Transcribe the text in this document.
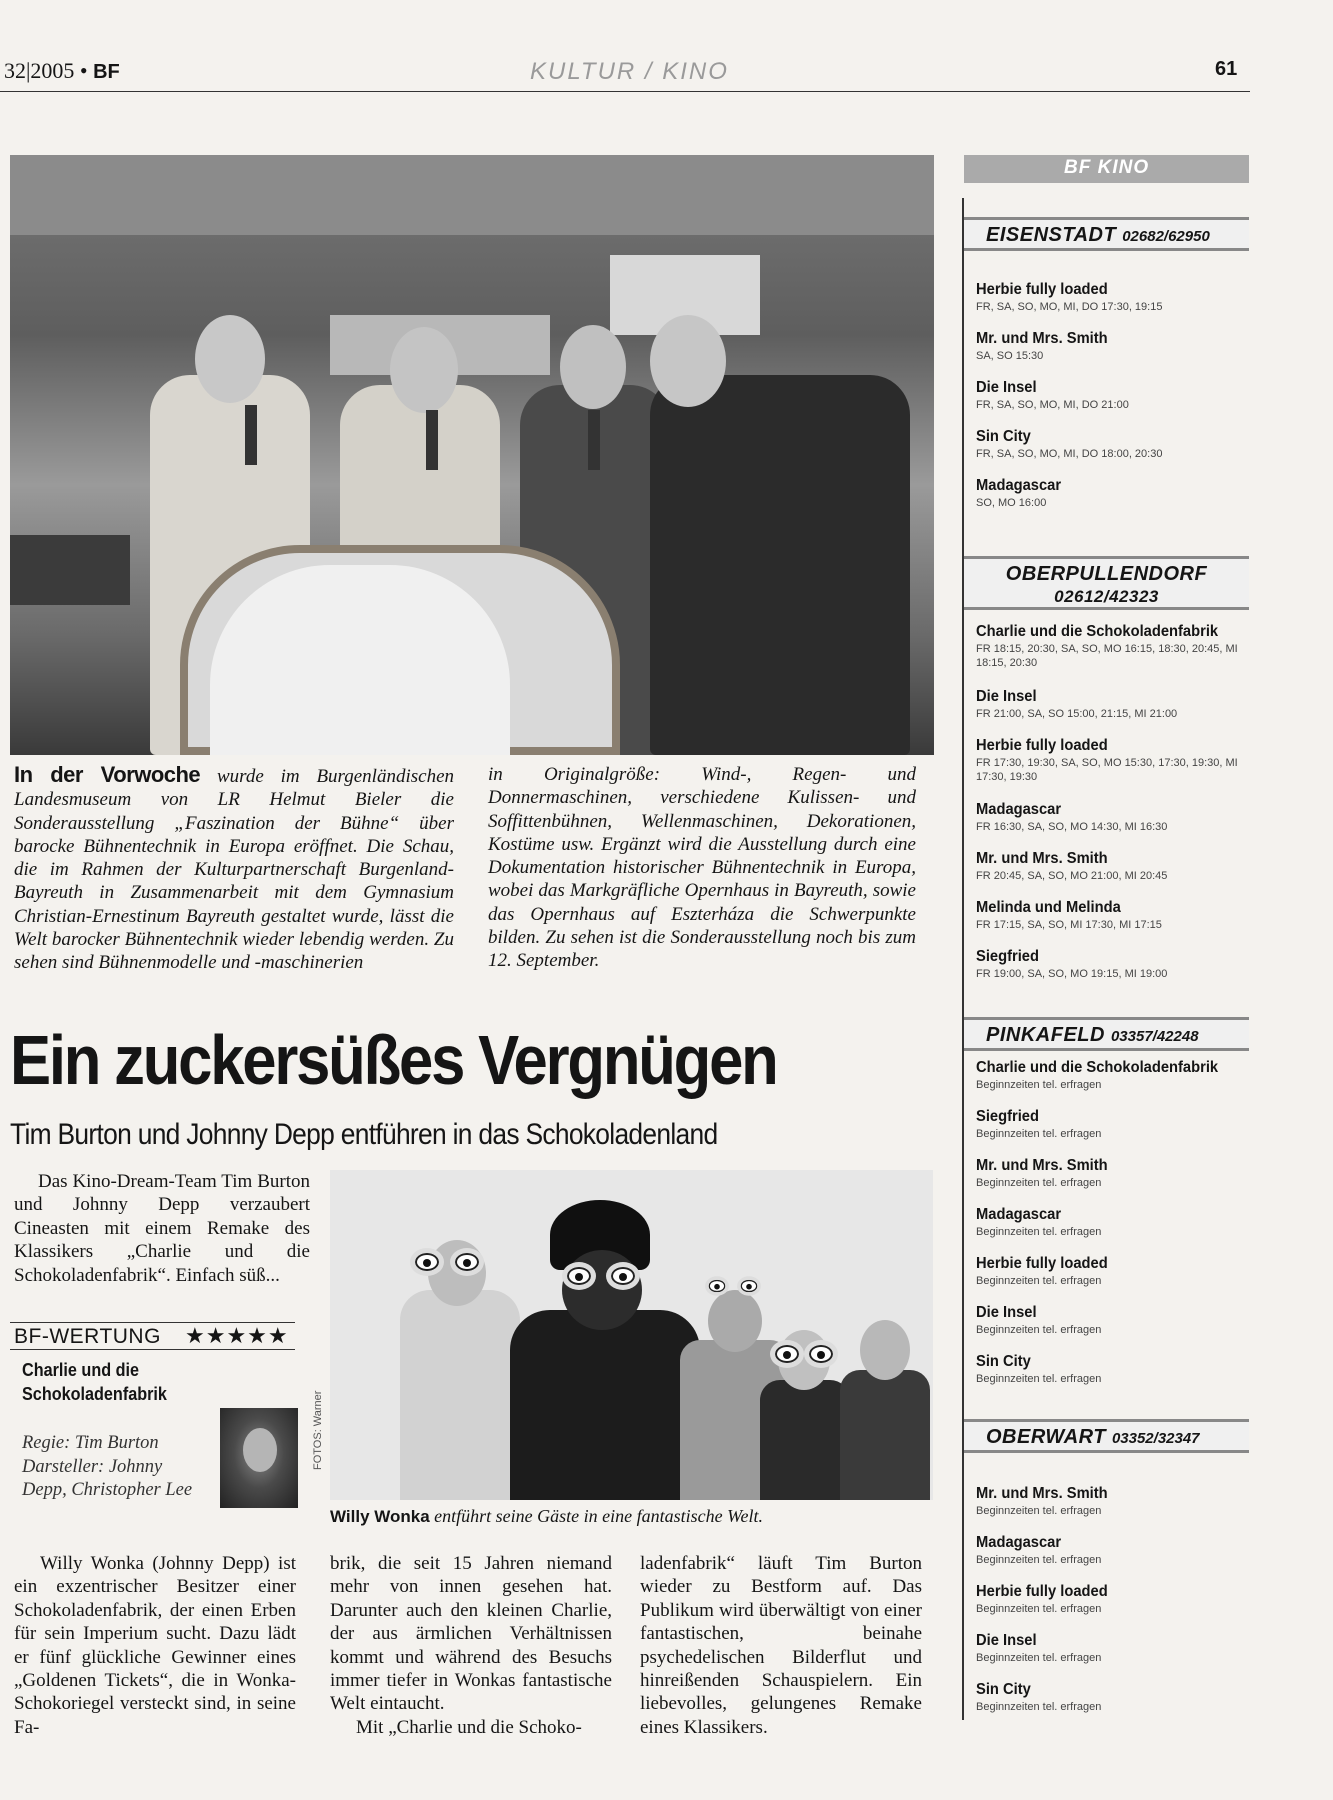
32|2005 • BF	KULTUR / KINO	61
In der Vorwoche wurde im Burgenländischen Landesmuseum von LR Helmut Bieler die Sonderausstellung „Faszination der Bühne“ über barocke Bühnentechnik in Europa eröffnet. Die Schau, die im Rahmen der Kulturpartnerschaft Burgenland-Bayreuth in Zusammenarbeit mit dem Gymnasium Christian-Ernestinum Bayreuth gestaltet wurde, lässt die Welt barocker Bühnentechnik wieder lebendig werden. Zu sehen sind Bühnenmodelle und -maschinerien
in Originalgröße: Wind-, Regen- und Donnermaschinen, verschiedene Kulissen- und Soffittenbühnen, Wellenmaschinen, Dekorationen, Kostüme usw. Ergänzt wird die Ausstellung durch eine Dokumentation historischer Bühnentechnik in Europa, wobei das Markgräfliche Opernhaus in Bayreuth, sowie das Opernhaus auf Eszterháza die Schwerpunkte bilden. Zu sehen ist die Sonderausstellung noch bis zum 12. September.
Ein zuckersüßes Vergnügen
Tim Burton und Johnny Depp entführen in das Schokoladenland
Das Kino-Dream-Team Tim Burton und Johnny Depp verzaubert Cineasten mit einem Remake des Klassikers „Charlie und die Schokoladenfabrik“. Einfach süß...
BF-WERTUNG ★★★★★
Charlie und die Schokoladenfabrik
Regie: Tim Burton
Darsteller: Johnny Depp, Christopher Lee
FOTOS: Warner
Willy Wonka entführt seine Gäste in eine fantastische Welt.
Willy Wonka (Johnny Depp) ist ein exzentrischer Besitzer einer Schokoladenfabrik, der einen Erben für sein Imperium sucht. Dazu lädt er fünf glückliche Gewinner eines „Goldenen Tickets“, die in Wonka-Schokoriegel versteckt sind, in seine Fa-
brik, die seit 15 Jahren niemand mehr von innen gesehen hat. Darunter auch den kleinen Charlie, der aus ärmlichen Verhältnissen kommt und während des Besuchs immer tiefer in Wonkas fantastische Welt eintaucht.
Mit „Charlie und die Schoko-
ladenfabrik“ läuft Tim Burton wieder zu Bestform auf. Das Publikum wird überwältigt von einer fantastischen, beinahe psychedelischen Bilderflut und hinreißenden Schauspielern. Ein liebevolles, gelungenes Remake eines Klassikers.
BF KINO
EISENSTADT 02682/62950
Herbie fully loaded
FR, SA, SO, MO, MI, DO 17:30, 19:15
Mr. und Mrs. Smith
SA, SO 15:30
Die Insel
FR, SA, SO, MO, MI, DO 21:00
Sin City
FR, SA, SO, MO, MI, DO 18:00, 20:30
Madagascar
SO, MO 16:00
OBERPULLENDORF
02612/42323
Charlie und die Schokoladenfabrik
FR 18:15, 20:30, SA, SO, MO 16:15, 18:30, 20:45, MI 18:15, 20:30
Die Insel
FR 21:00, SA, SO 15:00, 21:15, MI 21:00
Herbie fully loaded
FR 17:30, 19:30, SA, SO, MO 15:30, 17:30, 19:30, MI 17:30, 19:30
Madagascar
FR 16:30, SA, SO, MO 14:30, MI 16:30
Mr. und Mrs. Smith
FR 20:45, SA, SO, MO 21:00, MI 20:45
Melinda und Melinda
FR 17:15, SA, SO, MI 17:30, MI 17:15
Siegfried
FR 19:00, SA, SO, MO 19:15, MI 19:00
PINKAFELD 03357/42248
Charlie und die Schokoladenfabrik
Beginnzeiten tel. erfragen
Siegfried
Beginnzeiten tel. erfragen
Mr. und Mrs. Smith
Beginnzeiten tel. erfragen
Madagascar
Beginnzeiten tel. erfragen
Herbie fully loaded
Beginnzeiten tel. erfragen
Die Insel
Beginnzeiten tel. erfragen
Sin City
Beginnzeiten tel. erfragen
OBERWART 03352/32347
Mr. und Mrs. Smith
Beginnzeiten tel. erfragen
Madagascar
Beginnzeiten tel. erfragen
Herbie fully loaded
Beginnzeiten tel. erfragen
Die Insel
Beginnzeiten tel. erfragen
Sin City
Beginnzeiten tel. erfragen
